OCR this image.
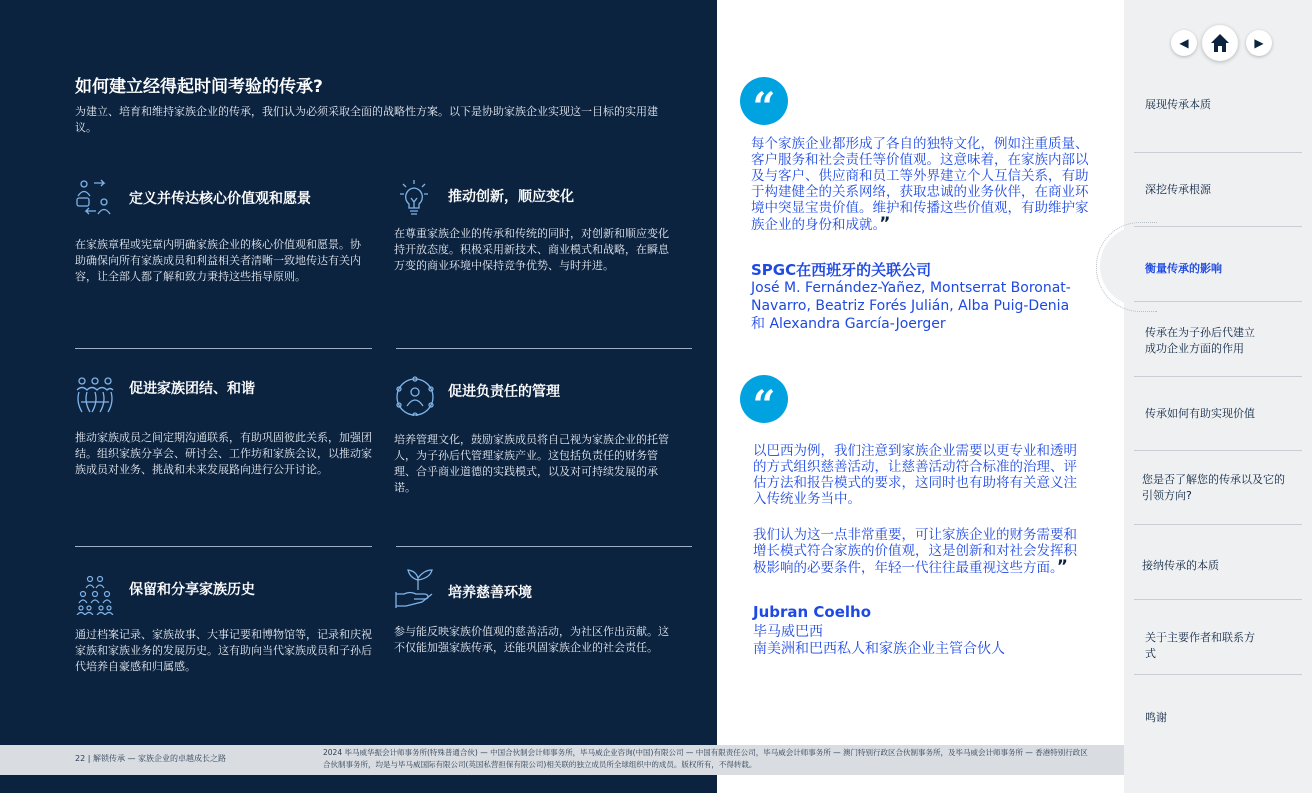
如何建立经得起时间考验的传承?
为建立、培育和维持家族企业的传承，我们认为必须采取全面的战略性方案。以下是协助家族企业实现这一目标的实用建议。
定义并传达核心价值观和愿景

在家族章程或宪章内明确家族企业的核心价值观和愿景。协助确保向所有家族成员和利益相关者清晰一致地传达有关内容，让全部人都了解和致力秉持这些指导原则。

推动创新，顺应变化

在尊重家族企业的传承和传统的同时，对创新和顺应变化持开放态度。积极采用新技术、商业模式和战略，在瞬息万变的商业环境中保持竞争优势、与时并进。

促进家族团结、和谐

推动家族成员之间定期沟通联系，有助巩固彼此关系，加强团结。组织家族分享会、研讨会、工作坊和家族会议，以推动家族成员对业务、挑战和未来发展路向进行公开讨论。

促进负责任的管理

培养管理文化，鼓励家族成员将自己视为家族企业的托管人，为子孙后代管理家族产业。这包括负责任的财务管理、合乎商业道德的实践模式，以及对可持续发展的承诺。

保留和分享家族历史

通过档案记录、家族故事、大事记要和博物馆等，记录和庆祝家族和家族业务的发展历史。这有助向当代家族成员和子孙后代培养自豪感和归属感。

培养慈善环境

参与能反映家族价值观的慈善活动，为社区作出贡献。这不仅能加强家族传承，还能巩固家族企业的社会责任。

“
每个家族企业都形成了各自的独特文化，例如注重质量、客户服务和社会责任等价值观。这意味着，在家族内部以及与客户、供应商和员工等外界建立个人互信关系，有助于构建健全的关系网络，获取忠诚的业务伙伴，在商业环境中突显宝贵价值。维护和传播这些价值观，有助维护家族企业的身份和成就。”
SPGC在西班牙的关联公司
José M. Fernández-Yañez, Montserrat Boronat-Navarro, Beatriz Forés Julián, Alba Puig-Denia 和 Alexandra García-Joerger
“
以巴西为例，我们注意到家族企业需要以更专业和透明的方式组织慈善活动，让慈善活动符合标准的治理、评估方法和报告模式的要求，这同时也有助将有关意义注入传统业务当中。
我们认为这一点非常重要，可让家族企业的财务需要和增长模式符合家族的价值观，这是创新和对社会发挥积极影响的必要条件，年轻一代往往最重视这些方面。”
Jubran Coelho
毕马威巴西
南美洲和巴西私人和家族企业主管合伙人
◀	▶
展现传承本质
深挖传承根源
衡量传承的影响
传承在为子孙后代建立成功企业方面的作用
传承如何有助实现价值
您是否了解您的传承以及它的引领方向?
接纳传承的本质
关于主要作者和联系方式
鸣谢
22 | 解锁传承 — 家族企业的卓越成长之路
2024 毕马威华振会计师事务所(特殊普通合伙) — 中国合伙制会计师事务所，毕马威企业咨询(中国)有限公司 — 中国有限责任公司，毕马威会计师事务所 — 澳门特别行政区合伙制事务所，及毕马威会计师事务所 — 香港特别行政区合伙制事务所，均是与毕马威国际有限公司(英国私营担保有限公司)相关联的独立成员所全球组织中的成员。版权所有，不得转载。
